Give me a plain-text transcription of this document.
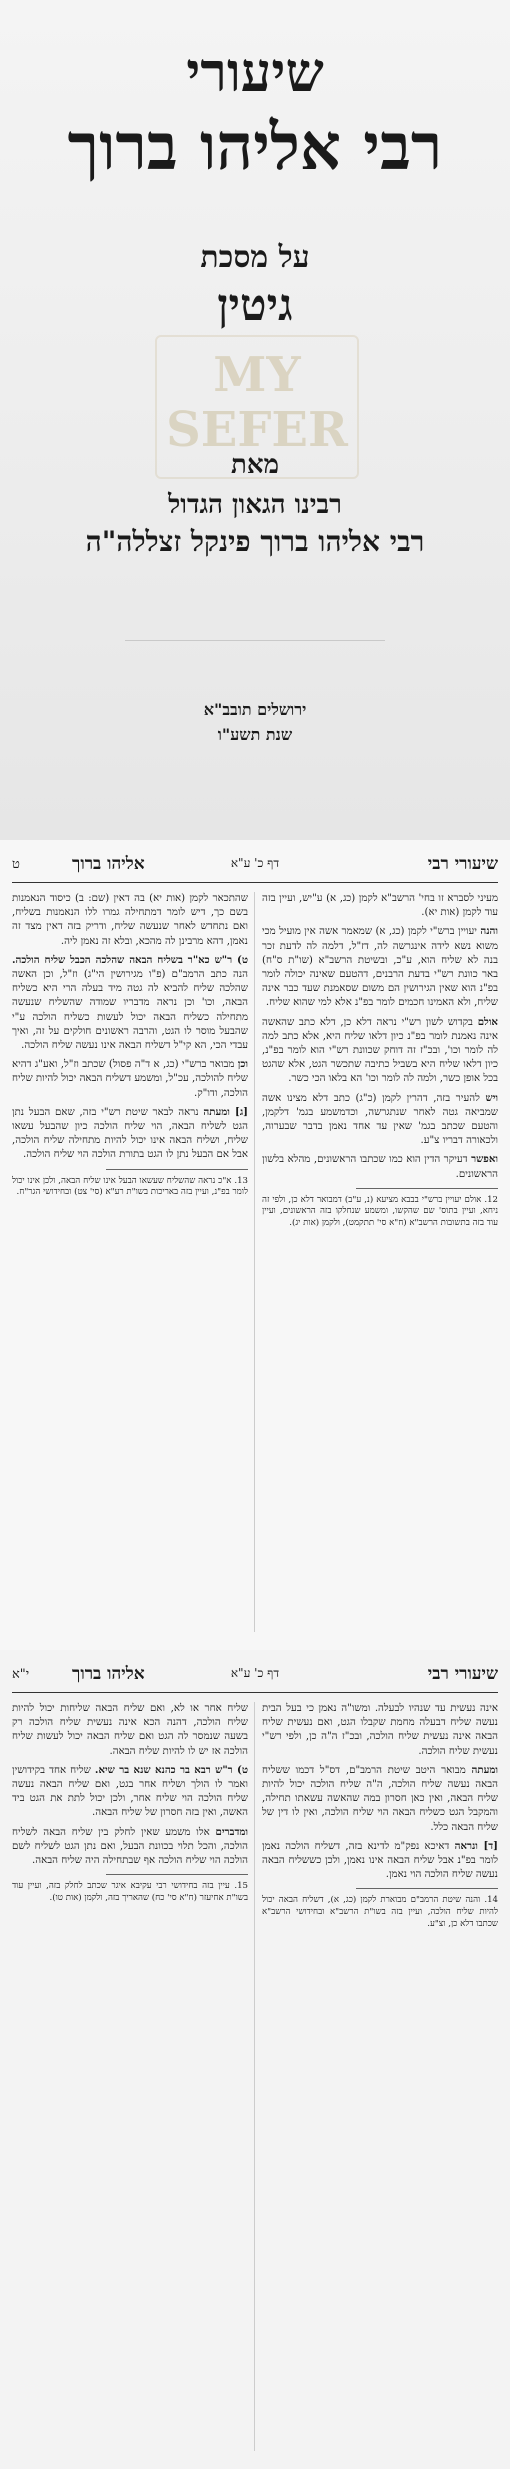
שיעורי
רבי אליהו ברוך
על מסכת
גיטין
MY
SEFER
מאת
רבינו הגאון הגדול
רבי אליהו ברוך פינקל זצללה"ה
ירושלים תובב"א
שנת תשע"ו
שיעורי רבי
דף כ' ע"א
אליהו ברוך
ט

מעיני לסברא זו בחי' הרשב"א לקמן (כג, א) ע"יש, ועיין בזה עוד לקמן (אות יא).

והנה יעויין ברש"י לקמן (כג, א) שמאמר אשה אין מועיל מכי משוא נשא לידה אינגרשה לה, דז"ל, דלמה לה לדעת זכר בנה לא שליח הוא, ע"כ, ובשיטת הרשב"א (שו"ת ס"ח) באר כוונת רש"י בדעת הרבנים, דהטעם שאינה יכולה לומר בפ"נ הוא שאין הגירושין הם משום שסאמנת שעד כבר אינה שליח, ולא האמינו חכמים לומר בפ"נ אלא למי שהוא שליח.

אולם בקדוש לשון רש"י נראה דלא כן, דלא כתב שהאשה אינה נאמנת לומר בפ"נ כיון דלאו שליח היא, אלא כתב למה לה לומר וכו', ובכ"ז זה דוחק שכוונת רש"י הוא לומר בפ"נ, כיון דלאו שליח היא בשביל כתיבה שתכשר הגט, אלא שהגט בכל אופן כשר, ולמה לה לומר וכו' הא בלאו הכי כשר.

ויש להעיר בזה, דהרין לקמן (כ"ג) כתב דלא מצינו אשה שמביאה גטה לאחר שנתגרשה, וכדמשמע בגמ' דלקמן, והטעם שכתב בגמ' שאין עד אחד נאמן בדבר שבערוה, ולכאורה דבריו צ"ע.

ואפשר דעיקר הדין הוא כמו שכתבו הראשונים, מהלא בלשון הראשונים.

12. אולם יעויין ברש"י בבבא מציעא (נ, ע"ב) דמבואר דלא כן, ולפי זה ניחא, ועיין בתוס' שם שהקשו, ומשמע שנחלקו בזה הראשונים, ועיין עוד בזה בתשובות הרשב"א (ח"א סי' תתקמט), ולקמן (אות יג).

שהתכאר לקמן (אות יא) בה דאין (שם: ב) כיסוד הנאמנות בשם כך, דיש לומר דמתחילה גמרו ללו הנאמנות בשליח, ואם נתחדש לאחר שנעשה שליח, ודריק בזה דאין מצד זה נאמן, דהא מרבינן לה מהכא, ובלא זה נאמן ליה.

ט) ר"ש כא"ר בשליח הבאה שהלכה הכבל שליח הולכה. הנה כתב הרמב"ם (פ"ו מגירושין הי"ג) וז"ל, וכן האשה שהלכה שליח להביא לה גטה מיד בעלה הרי היא כשליח הבאה, וכו' וכן נראה מדבריו שמודה שהשליח שנעשה מתחילה כשליח הבאה יכול לעשות כשליח הולכה ע"י שהבעל מוסר לו הגט, והרבה ראשונים חולקים על זה, ואיך עבדי הכי, הא קי"ל דשליח הבאה אינו נעשה שליח הולכה.

וכן מבואר ברש"י (כג, א ד"ה פסול) שכתב וז"ל, ואע"ג דהיא שליח להולכה, עכ"ל, ומשמע דשליח הבאה יכול להיות שליח הולכה, ודו"ק.

[ג] ומעתה נראה לבאר שיטת רש"י בזה, שאם הבעל נתן הגט לשליח הבאה, הוי שליח הולכה כיון שהבעל עשאו שליח, ושליח הבאה אינו יכול להיות מתחילה שליח הולכה, אבל אם הבעל נתן לו הגט בתורת הולכה הוי שליח הולכה.

13. א"כ נראה שהשליח שעשאו הבעל אינו שליח הבאה, ולכן אינו יכול לומר בפ"נ, ועיין בזה באריכות בשו"ת רע"א (סי' צט) ובחידושי הגר"ח.

שיעורי רבי
דף כ' ע"א
אליהו ברוך
י"א

אינה נעשית עד שנהיו לבעלה. ומשו"ה נאמן כי בעל הבית נעשה שליח דבעלה מחמת שקבלו הגט, ואם נעשית שליח הבאה אינה נעשית שליח הולכה, ובכ"ז ה"ה כן, ולפי רש"י נעשית שליח הולכה.

ומעתה מבואר היטב שיטת הרמב"ם, דס"ל דכמו ששליח הבאה נעשה שליח הולכה, ה"ה שליח הולכה יכול להיות שליח הבאה, ואין כאן חסרון במה שהאשה עשאתו תחילה, והמקבל הגט כשליח הבאה הוי שליח הולכה, ואין לו דין של שליח הבאה כלל.

[ד] ונראה דאיכא נפק"מ לדינא בזה, דשליח הולכה נאמן לומר בפ"נ אבל שליח הבאה אינו נאמן, ולכן כששליח הבאה נעשה שליח הולכה הוי נאמן.

14. והנה שיטת הרמב"ם מבוארת לקמן (כג, א), דשליח הבאה יכול להיות שליח הולכה, ועיין בזה בשו"ת הרשב"א ובחידושי הרשב"א שכתבו דלא כן, וצ"ע.

שליח אחר או לא, ואם שליח הבאה שליחות יכול להיות שליח הולכה, דהנה הכא אינה נעשית שליח הולכה רק בשעה שנמסר לה הגט ואם שליח הבאה יכול לעשות שליח הולכה אז יש לו להיות שליח הבאה.

ט) ר"ש רבא בר כהנא שנא בר שיא. שליח אחד בקידושין ואמר לו הולך ושליח אחר בגט, ואם שליח הבאה נעשה שליח הולכה הוי שליח אחר, ולכן יכול לתת את הגט ביד האשה, ואין בזה חסרון של שליח הבאה.

ומדברים אלו משמע שאין לחלק בין שליח הבאה לשליח הולכה, והכל תלוי בכוונת הבעל, ואם נתן הגט לשליח לשם הולכה הוי שליח הולכה אף שבתחילה היה שליח הבאה.

15. עיין בזה בחידושי רבי עקיבא איגר שכתב לחלק בזה, ועיין עוד בשו"ת אחיעזר (ח"א סי' כח) שהאריך בזה, ולקמן (אות טו).
